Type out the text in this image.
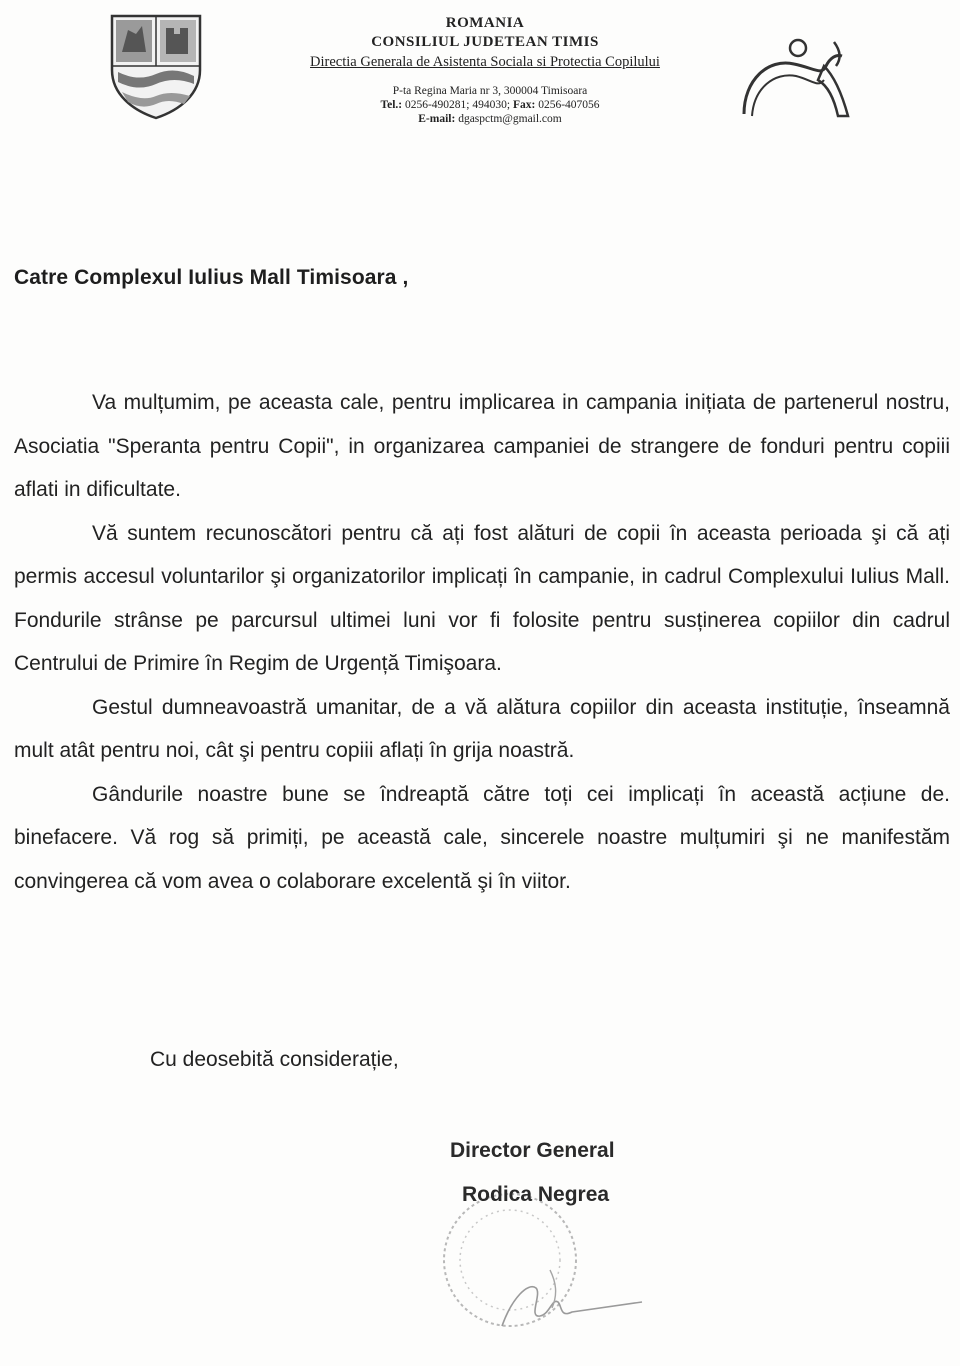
ROMANIA
CONSILIUL JUDETEAN TIMIS
Directia Generala de Asistenta Sociala si Protectia Copilului
P-ta Regina Maria nr 3, 300004 Timisoara
Tel.: 0256-490281; 494030; Fax: 0256-407056
E-mail: dgaspctm@gmail.com
Catre Complexul Iulius Mall Timisoara ,

Va mulțumim, pe aceasta cale, pentru implicarea in campania inițiata de partenerul nostru, Asociatia "Speranta pentru Copii", in organizarea campaniei de strangere de fonduri pentru copiii aflati in dificultate.

Vă suntem recunoscători pentru că ați fost alături de copii în aceasta perioada şi că ați permis accesul voluntarilor şi organizatorilor implicați în campanie, in cadrul Complexului Iulius Mall. Fondurile strânse pe parcursul ultimei luni vor fi folosite pentru susținerea copiilor din cadrul Centrului de Primire în Regim de Urgență Timişoara.

Gestul dumneavoastră umanitar, de a vă alătura copiilor din aceasta instituție, înseamnă mult atât pentru noi, cât şi pentru copiii aflați în grija noastră.

Gândurile noastre bune se îndreaptă către toți cei implicați în această acțiune de. binefacere. Vă rog să primiți, pe această cale, sincerele noastre mulțumiri şi ne manifestăm convingerea că vom avea o colaborare excelentă şi în viitor.

Cu deosebită considerație,
Director General
Rodica Negrea
